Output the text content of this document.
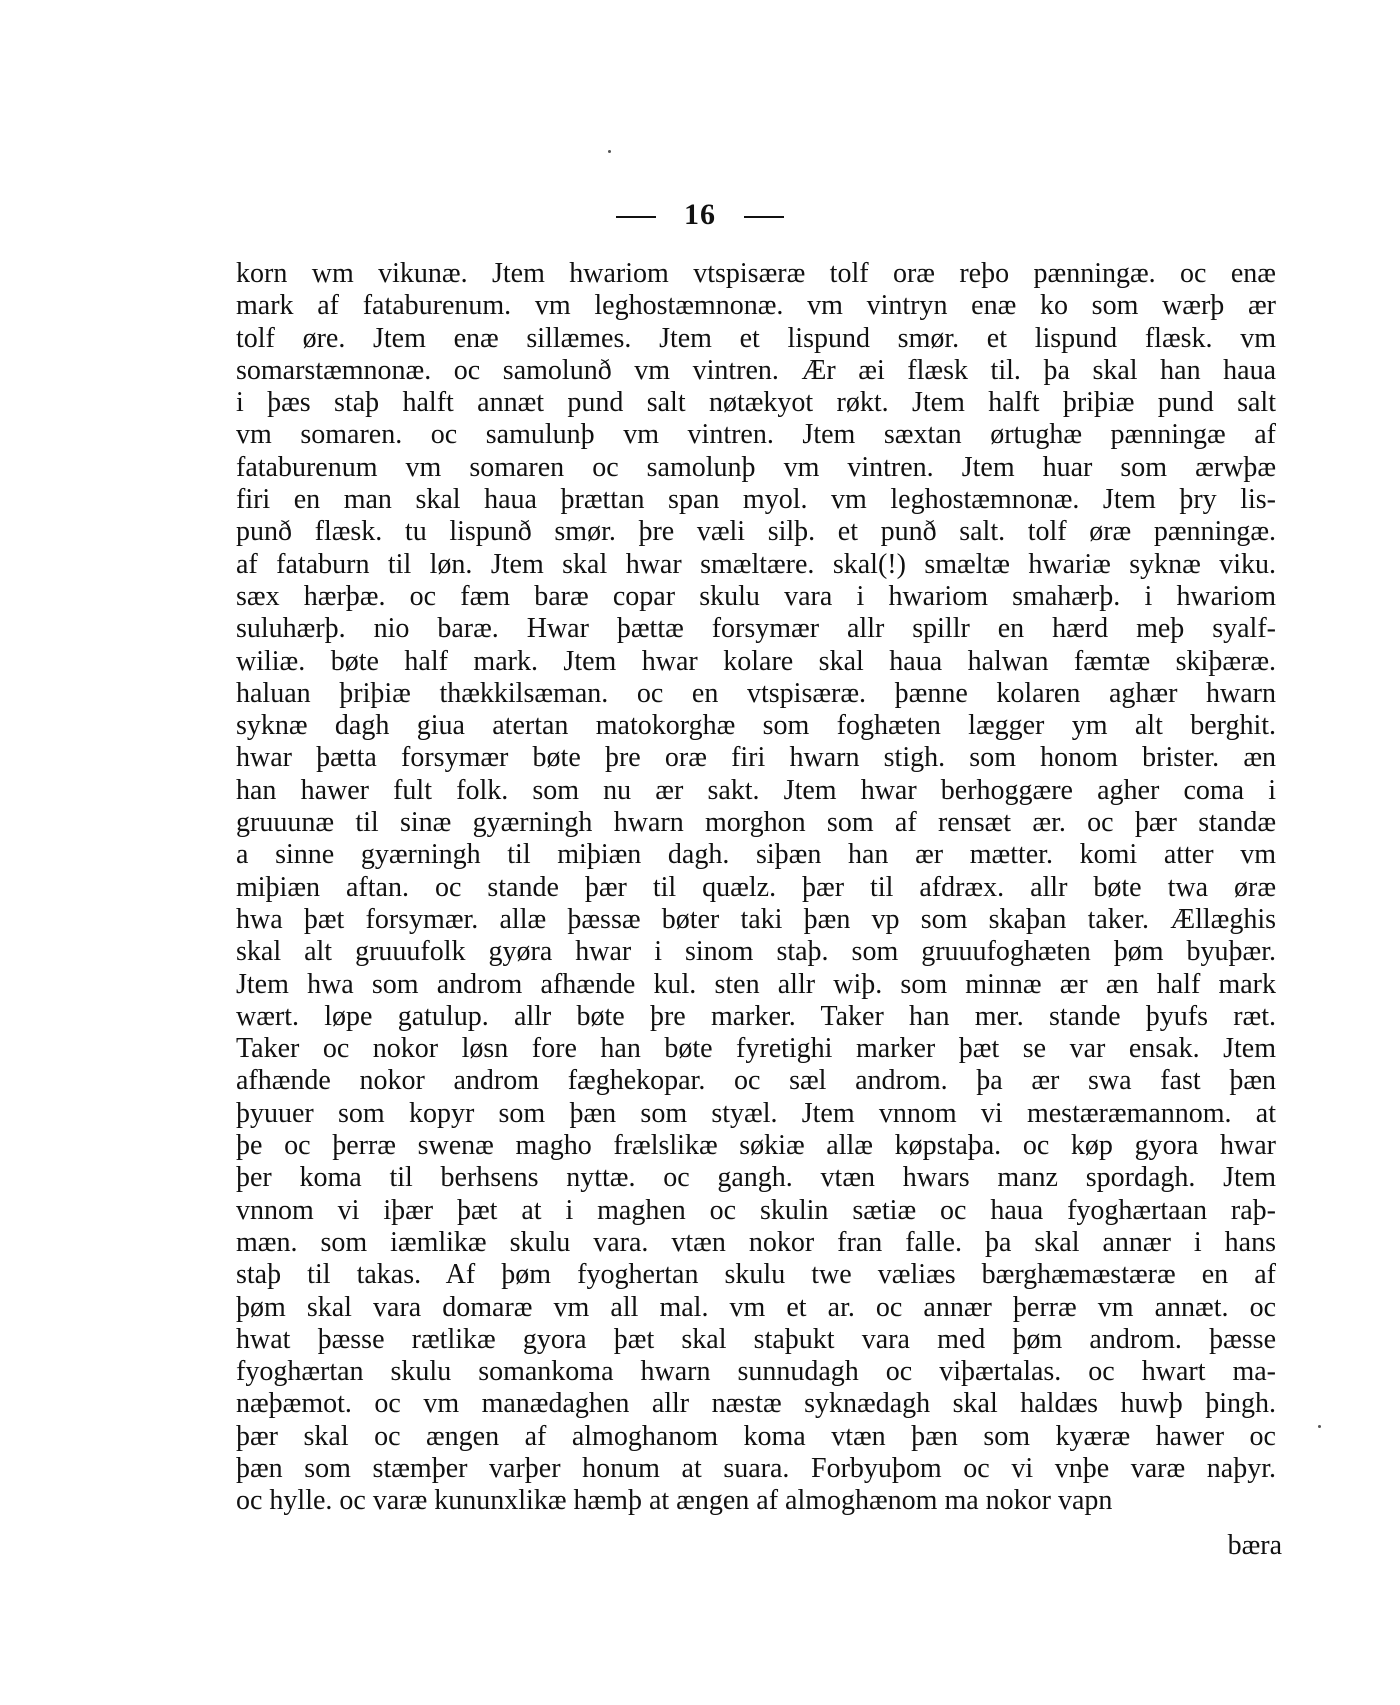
16
korn wm vikunæ. Jtem hwariom vtspisæræ tolf oræ reþo pænningæ. oc enæ
mark af fataburenum. vm leghostæmnonæ. vm vintryn enæ ko som wærþ ær
tolf øre. Jtem enæ sillæmes. Jtem et lispund smør. et lispund flæsk. vm
somarstæmnonæ. oc samolunð vm vintren. Ær æi flæsk til. þa skal han haua
i þæs staþ halft annæt pund salt nøtækyot røkt. Jtem halft þriþiæ pund salt
vm somaren. oc samulunþ vm vintren. Jtem sæxtan ørtughæ pænningæ af
fataburenum vm somaren oc samolunþ vm vintren. Jtem huar som ærwþæ
firi en man skal haua þrættan span myol. vm leghostæmnonæ. Jtem þry lis-
punð flæsk. tu lispunð smør. þre væli silþ. et punð salt. tolf øræ pænningæ.
af fataburn til løn. Jtem skal hwar smæltære. skal(!) smæltæ hwariæ syknæ viku.
sæx hærþæ. oc fæm baræ copar skulu vara i hwariom smahærþ. i hwariom
suluhærþ. nio baræ. Hwar þættæ forsymær allr spillr en hærd meþ syalf-
wiliæ. bøte half mark. Jtem hwar kolare skal haua halwan fæmtæ skiþæræ.
haluan þriþiæ thækkilsæman. oc en vtspisæræ. þænne kolaren aghær hwarn
syknæ dagh giua atertan matokorghæ som foghæten lægger ym alt berghit.
hwar þætta forsymær bøte þre oræ firi hwarn stigh. som honom brister. æn
han hawer fult folk. som nu ær sakt. Jtem hwar berhoggære agher coma i
gruuunæ til sinæ gyærningh hwarn morghon som af rensæt ær. oc þær standæ
a sinne gyærningh til miþiæn dagh. siþæn han ær mætter. komi atter vm
miþiæn aftan. oc stande þær til quælz. þær til afdræx. allr bøte twa øræ
hwa þæt forsymær. allæ þæssæ bøter taki þæn vp som skaþan taker. Ællæghis
skal alt gruuufolk gyøra hwar i sinom staþ. som gruuufoghæten þøm byuþær.
Jtem hwa som androm afhænde kul. sten allr wiþ. som minnæ ær æn half mark
wært. løpe gatulup. allr bøte þre marker. Taker han mer. stande þyufs ræt.
Taker oc nokor løsn fore han bøte fyretighi marker þæt se var ensak. Jtem
afhænde nokor androm fæghekopar. oc sæl androm. þa ær swa fast þæn
þyuuer som kopyr som þæn som styæl. Jtem vnnom vi mestæræmannom. at
þe oc þerræ swenæ magho frælslikæ søkiæ allæ køpstaþa. oc køp gyora hwar
þer koma til berhsens nyttæ. oc gangh. vtæn hwars manz spordagh. Jtem
vnnom vi iþær þæt at i maghen oc skulin sætiæ oc haua fyoghærtaan raþ-
mæn. som iæmlikæ skulu vara. vtæn nokor fran falle. þa skal annær i hans
staþ til takas. Af þøm fyoghertan skulu twe væliæs bærghæmæstæræ en af
þøm skal vara domaræ vm all mal. vm et ar. oc annær þerræ vm annæt. oc
hwat þæsse rætlikæ gyora þæt skal staþukt vara med þøm androm. þæsse
fyoghærtan skulu somankoma hwarn sunnudagh oc viþærtalas. oc hwart ma-
næþæmot. oc vm manædaghen allr næstæ syknædagh skal haldæs huwþ þingh.
þær skal oc ængen af almoghanom koma vtæn þæn som kyæræ hawer oc
þæn som stæmþer varþer honum at suara. Forbyuþom oc vi vnþe varæ naþyr.
oc hylle. oc varæ kununxlikæ hæmþ at ængen af almoghænom ma nokor vapn
bæra
